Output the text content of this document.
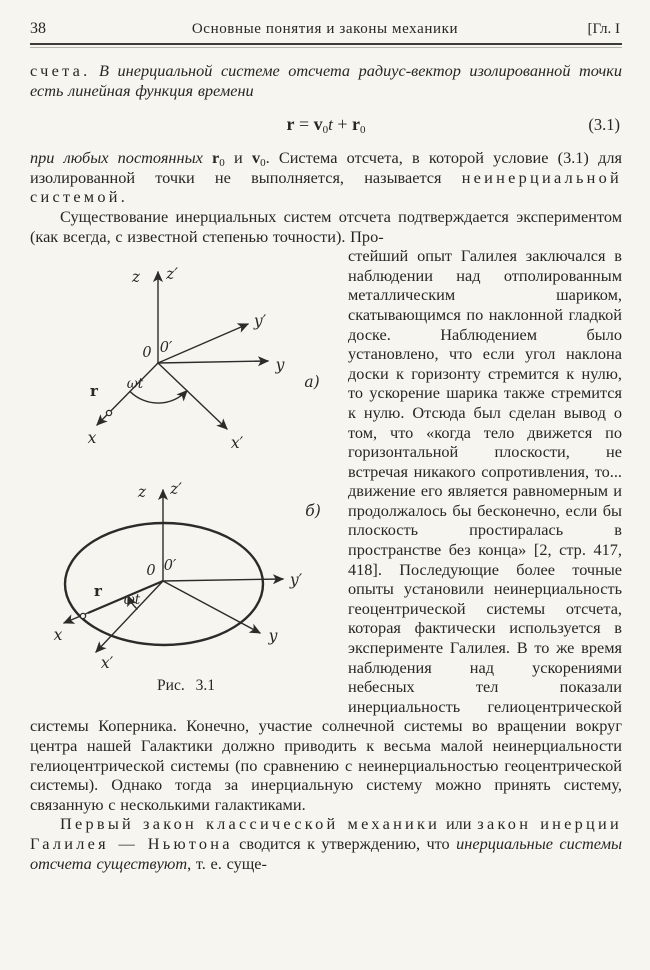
38	Основные понятия и законы механики	[Гл. I
счета. В инерциальной системе отсчета радиус-вектор изолированной точки есть линейная функция времени
$r = v_0t + r_0$	(3.1)
при любых постоянных $r_0$ и $v_0$. Система отсчета, в которой условие (3.1) для изолированной точки не выполняется, называется неинерциальной системой.
Существование инерциальных систем отсчета подтверждается экспериментом (как всегда, с известной степенью точности). Про-
z z′
y′
y
x′
x
0 0′
r ωt	а)
z z′
y′
y
x
x′
0 0′
r ωt
б)
Рис. 3.1
стейший опыт Галилея заключался в наблюдении над отполированным металлическим шариком, скатывающимся по наклонной гладкой доске. Наблюдением было установлено, что если угол наклона доски к горизонту стремится к нулю, то ускорение шарика также стремится к нулю. Отсюда был сделан вывод о том, что «когда тело движется по горизонтальной плоскости, не встречая никакого сопротивления, то... движение его является равномерным и продолжалось бы бесконечно, если бы плоскость простиралась в пространстве без конца» [2, стр. 417, 418]. Последующие более точные опыты установили неинерциальность геоцентрической системы отсчета, которая фактически используется в эксперименте Галилея. В то же время наблюдения над ускорениями небесных тел показали инерциальность гелиоцентрической системы Коперника. Конечно, участие солнечной системы во вращении вокруг центра нашей Галактики должно приводить к весьма малой неинерциальности гелиоцентрической системы (по сравнению с неинерциальностью геоцентрической системы). Однако тогда за инерциальную систему можно принять систему, связанную с несколькими галактиками.
Первый закон классической механики или закон инерции Галилея — Ньютона сводится к утверждению, что инерциальные системы отсчета существуют, т. е. суще-
